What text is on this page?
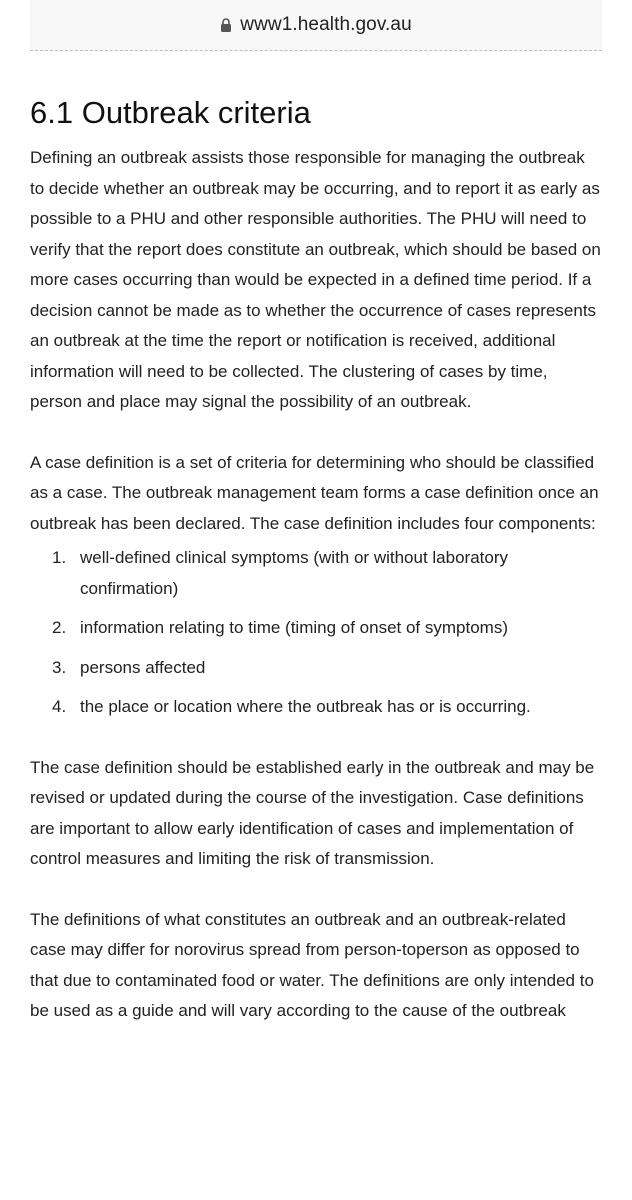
www1.health.gov.au
6.1 Outbreak criteria

Defining an outbreak assists those responsible for managing the outbreak to decide whether an outbreak may be occurring, and to report it as early as possible to a PHU and other responsible authorities. The PHU will need to verify that the report does constitute an outbreak, which should be based on more cases occurring than would be expected in a defined time period. If a decision cannot be made as to whether the occurrence of cases represents an outbreak at the time the report or notification is received, additional information will need to be collected. The clustering of cases by time, person and place may signal the possibility of an outbreak.

A case definition is a set of criteria for determining who should be classified as a case. The outbreak management team forms a case definition once an outbreak has been declared. The case definition includes four components:

1. well-defined clinical symptoms (with or without laboratory confirmation)
2. information relating to time (timing of onset of symptoms)
3. persons affected
4. the place or location where the outbreak has or is occurring.

The case definition should be established early in the outbreak and may be revised or updated during the course of the investigation. Case definitions are important to allow early identification of cases and implementation of control measures and limiting the risk of transmission.

The definitions of what constitutes an outbreak and an outbreak-related case may differ for norovirus spread from person-toperson as opposed to that due to contaminated food or water. The definitions are only intended to be used as a guide and will vary according to the cause of the outbreak
